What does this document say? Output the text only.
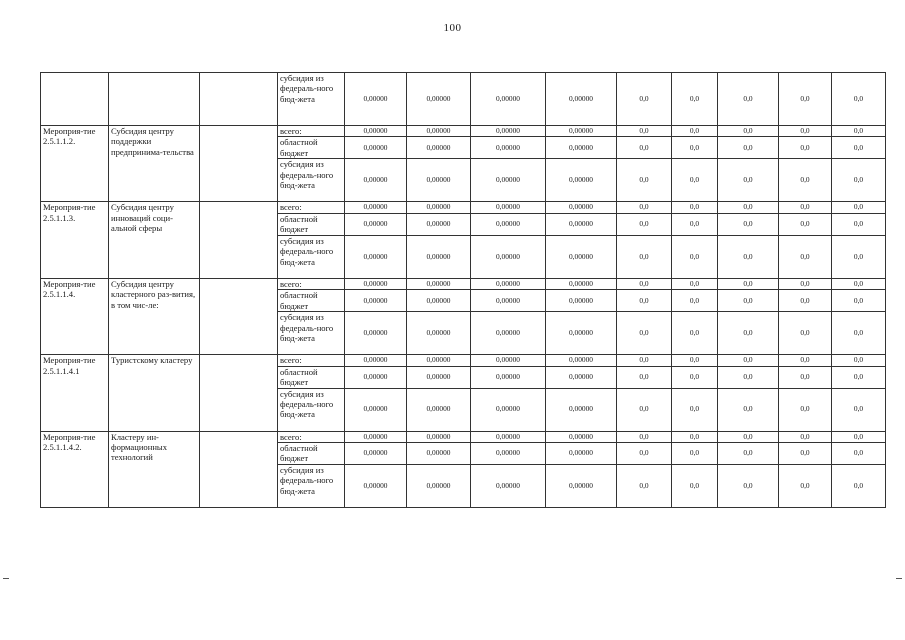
100
			субсидия из федераль-ного бюд-жета	0,00000	0,00000	0,00000	0,00000	0,0	0,0	0,0	0,0	0,0
Мероприя-тие 2.5.1.1.2.	Субсидия центру поддержки предпринима-тельства		всего:	0,00000	0,00000	0,00000	0,00000	0,0	0,0	0,0	0,0	0,0
			областной бюджет	0,00000	0,00000	0,00000	0,00000	0,0	0,0	0,0	0,0	0,0
			субсидия из федераль-ного бюд-жета	0,00000	0,00000	0,00000	0,00000	0,0	0,0	0,0	0,0	0,0
Мероприя-тие 2.5.1.1.3.	Субсидия центру инноваций соци-альной сферы		всего:	0,00000	0,00000	0,00000	0,00000	0,0	0,0	0,0	0,0	0,0
			областной бюджет	0,00000	0,00000	0,00000	0,00000	0,0	0,0	0,0	0,0	0,0
			субсидия из федераль-ного бюд-жета	0,00000	0,00000	0,00000	0,00000	0,0	0,0	0,0	0,0	0,0
Мероприя-тие 2.5.1.1.4.	Субсидия центру кластерного раз-вития, в том чис-ле:		всего:	0,00000	0,00000	0,00000	0,00000	0,0	0,0	0,0	0,0	0,0
			областной бюджет	0,00000	0,00000	0,00000	0,00000	0,0	0,0	0,0	0,0	0,0
			субсидия из федераль-ного бюд-жета	0,00000	0,00000	0,00000	0,00000	0,0	0,0	0,0	0,0	0,0
Мероприя-тие 2.5.1.1.4.1	Туристскому кластеру		всего:	0,00000	0,00000	0,00000	0,00000	0,0	0,0	0,0	0,0	0,0
			областной бюджет	0,00000	0,00000	0,00000	0,00000	0,0	0,0	0,0	0,0	0,0
			субсидия из федераль-ного бюд-жета	0,00000	0,00000	0,00000	0,00000	0,0	0,0	0,0	0,0	0,0
Мероприя-тие 2.5.1.1.4.2.	Кластеру ин-формационных технологий		всего:	0,00000	0,00000	0,00000	0,00000	0,0	0,0	0,0	0,0	0,0
			областной бюджет	0,00000	0,00000	0,00000	0,00000	0,0	0,0	0,0	0,0	0,0
			субсидия из федераль-ного бюд-жета	0,00000	0,00000	0,00000	0,00000	0,0	0,0	0,0	0,0	0,0
